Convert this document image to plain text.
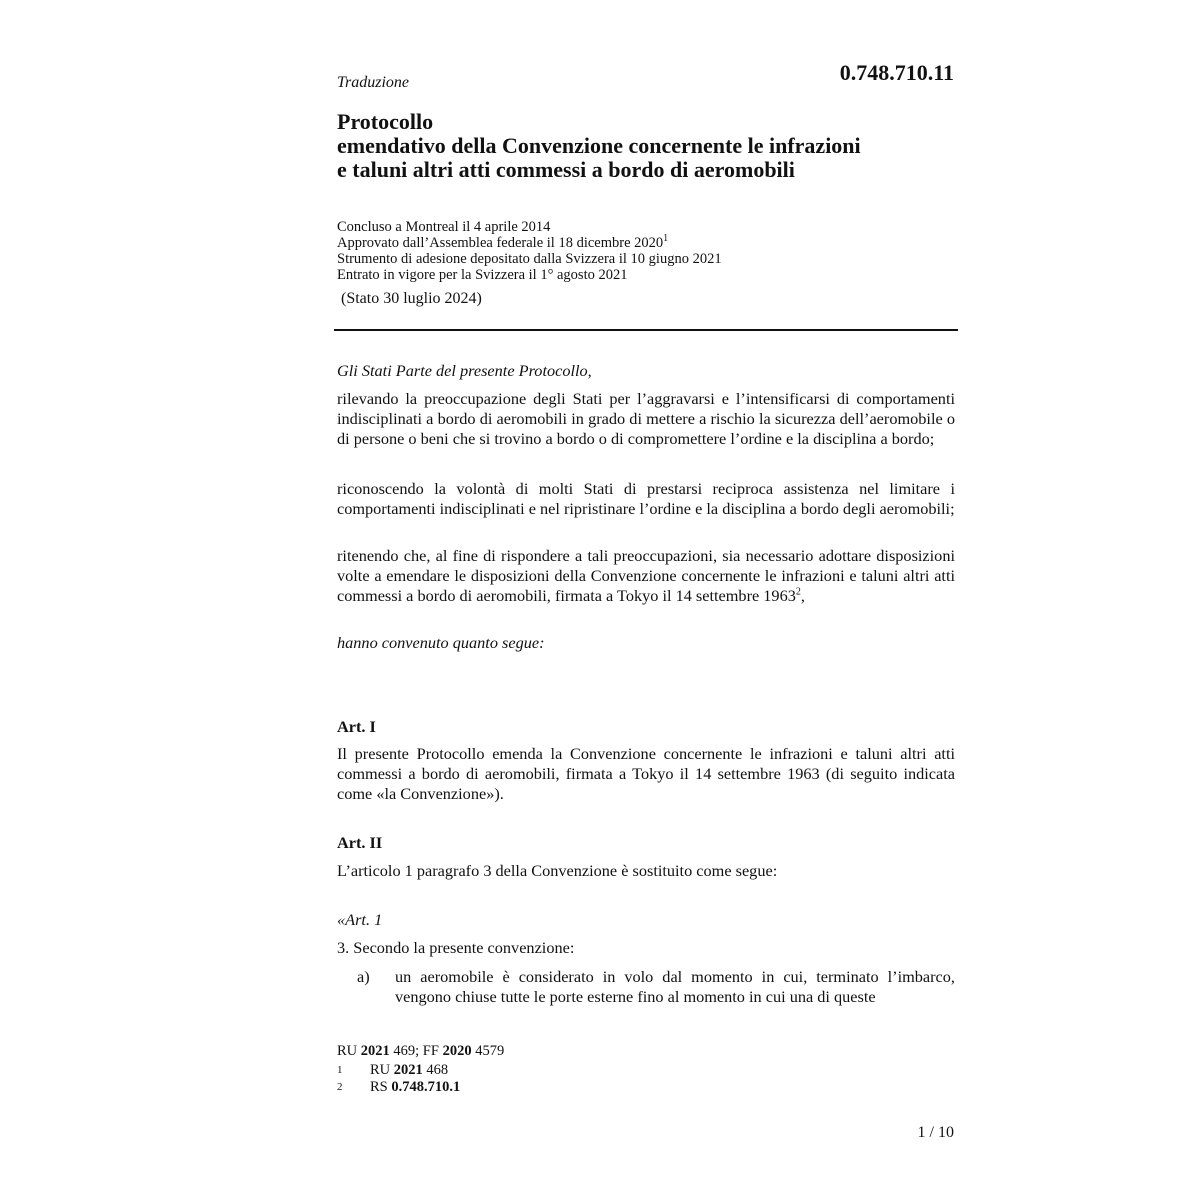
Traduzione	0.748.710.11

Protocollo
emendativo della Convenzione concernente le infrazioni
e taluni altri atti commessi a bordo di aeromobili
Concluso a Montreal il 4 aprile 2014
Approvato dall’Assemblea federale il 18 dicembre 2020$^1$
Strumento di adesione depositato dalla Svizzera il 10 giugno 2021
Entrato in vigore per la Svizzera il 1° agosto 2021

(Stato 30 luglio 2024)

Gli Stati Parte del presente Protocollo,

rilevando la preoccupazione degli Stati per l’aggravarsi e l’intensificarsi di comportamenti indisciplinati a bordo di aeromobili in grado di mettere a rischio la sicurezza dell’aeromobile o di persone o beni che si trovino a bordo o di compromettere l’ordine e la disciplina a bordo;

riconoscendo la volontà di molti Stati di prestarsi reciproca assistenza nel limitare i comportamenti indisciplinati e nel ripristinare l’ordine e la disciplina a bordo degli aeromobili;

ritenendo che, al fine di rispondere a tali preoccupazioni, sia necessario adottare disposizioni volte a emendare le disposizioni della Convenzione concernente le infrazioni e taluni altri atti commessi a bordo di aeromobili, firmata a Tokyo il 14 settembre 1963$^2$,

hanno convenuto quanto segue:

Art. I

Il presente Protocollo emenda la Convenzione concernente le infrazioni e taluni altri atti commessi a bordo di aeromobili, firmata a Tokyo il 14 settembre 1963 (di seguito indicata come «la Convenzione»).

Art. II

L’articolo 1 paragrafo 3 della Convenzione è sostituito come segue:

«Art. 1

3. Secondo la presente convenzione:

a) un aeromobile è considerato in volo dal momento in cui, terminato l’imbarco, vengono chiuse tutte le porte esterne fino al momento in cui una di queste

RU 2021 469; FF 2020 4579

1 RU 2021 468
2 RS 0.748.710.1

1 / 10
